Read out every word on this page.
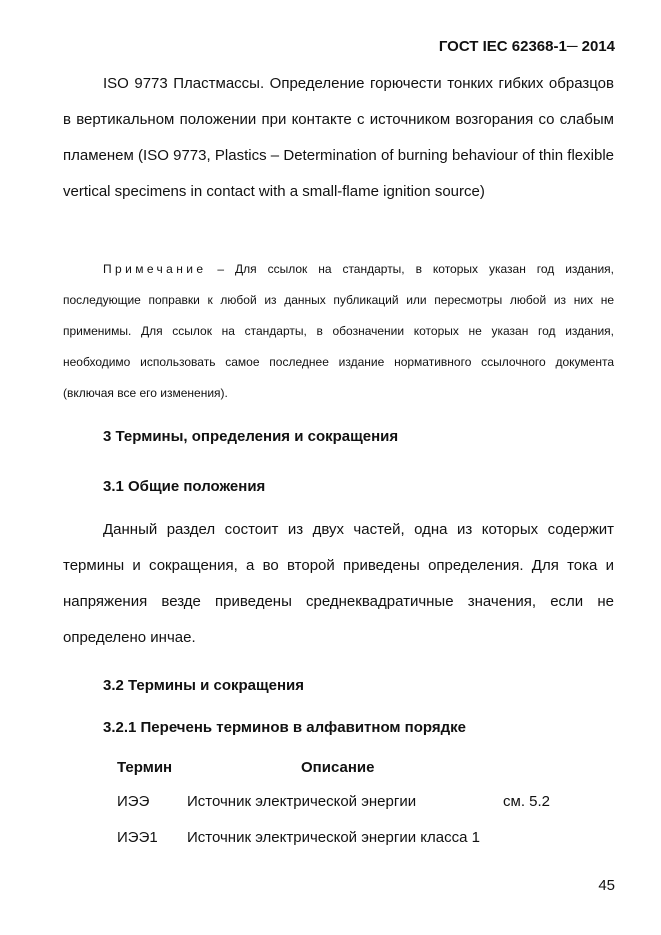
ГОСТ IEC 62368-1─ 2014
ISO 9773 Пластмассы. Определение горючести тонких гибких образцов в вертикальном положении при контакте с источником возгорания со слабым пламенем (ISO 9773, Plastics – Determination of burning behaviour of thin flexible vertical specimens in contact with a small-flame ignition source)
Примечание – Для ссылок на стандарты, в которых указан год издания, последующие поправки к любой из данных публикаций или пересмотры любой из них не применимы. Для ссылок на стандарты, в обозначении которых не указан год издания, необходимо использовать самое последнее издание нормативного ссылочного документа (включая все его изменения).
3 Термины, определения и сокращения
3.1 Общие положения
Данный раздел состоит из двух частей, одна из которых содержит термины и сокращения, а во второй приведены определения. Для тока и напряжения везде приведены среднеквадратичные значения, если не определено инчае.
3.2 Термины и сокращения
3.2.1 Перечень терминов в алфавитном порядке
Термин	Описание
ИЭЭ	Источник электрической энергии	см. 5.2
ИЭЭ1 Источник электрической энергии класса 1
45
